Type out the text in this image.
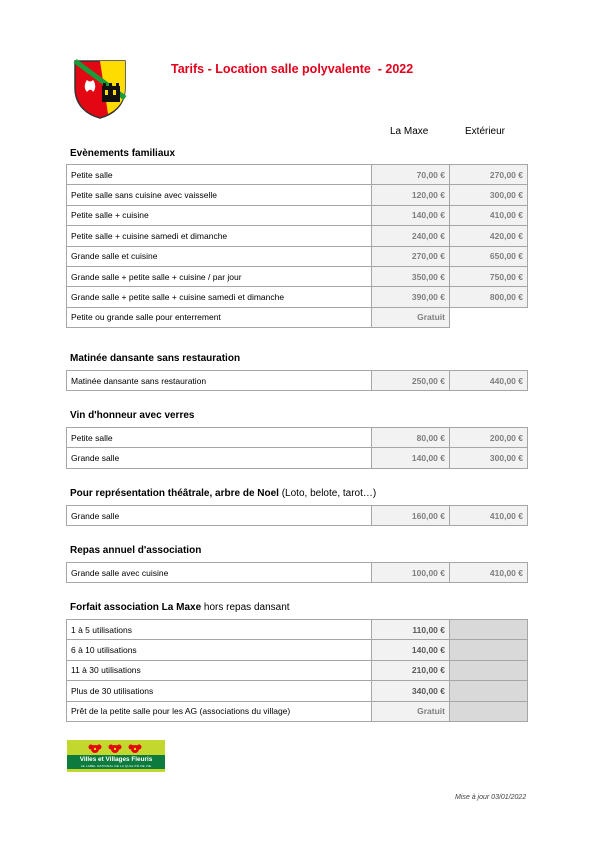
Tarifs - Location salle polyvalente  - 2022
La Maxe	Extérieur
Evènements familiaux
Petite salle	70,00 €	270,00 €
Petite salle sans cuisine avec vaisselle	120,00 €	300,00 €
Petite salle + cuisine	140,00 €	410,00 €
Petite salle + cuisine samedi et dimanche	240,00 €	420,00 €
Grande salle et cuisine	270,00 €	650,00 €
Grande salle + petite salle + cuisine / par jour	350,00 €	750,00 €
Grande salle + petite salle + cuisine samedi et dimanche	390,00 €	800,00 €
Petite ou grande salle pour enterrement	Gratuit	
Matinée dansante sans restauration
Matinée dansante sans restauration	250,00 €	440,00 €
Vin d'honneur avec verres
Petite salle	80,00 €	200,00 €
Grande salle	140,00 €	300,00 €
Pour représentation théâtrale, arbre de Noel (Loto, belote, tarot…)
Grande salle	160,00 €	410,00 €
Repas annuel d'association
Grande salle avec cuisine	100,00 €	410,00 €
Forfait association La Maxe hors repas dansant
1 à 5 utilisations	110,00 €	
6 à 10 utilisations	140,00 €	
11 à 30 utilisations	210,00 €	
Plus de 30 utilisations	340,00 €	
Prêt de la petite salle pour les AG (associations du village)	Gratuit	
Villes et Villages Fleuris
LE LABEL NATIONAL DE LA QUALITÉ DE VIE
Mise à jour 03/01/2022
